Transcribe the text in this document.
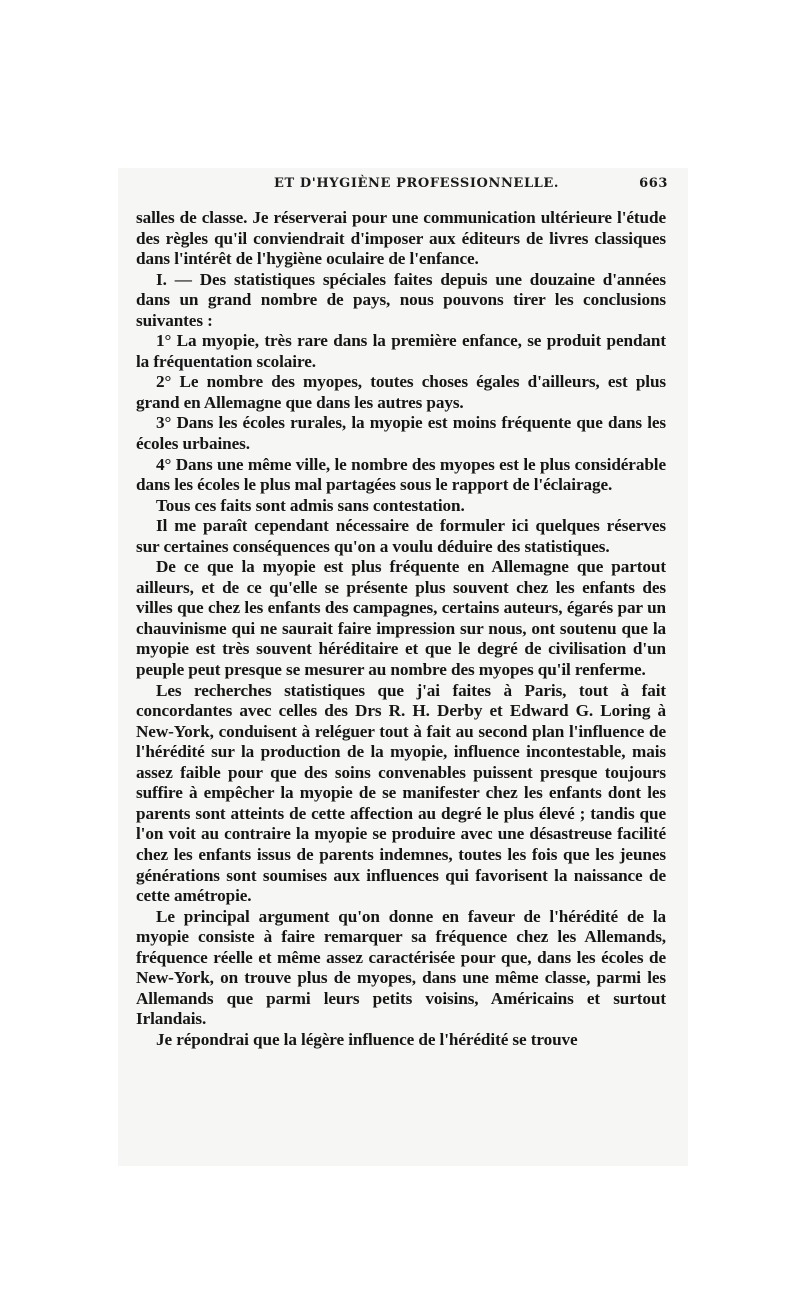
ET D'HYGIÈNE PROFESSIONNELLE.	663

salles de classe. Je réserverai pour une communication ultérieure l'étude des règles qu'il conviendrait d'imposer aux éditeurs de livres classiques dans l'intérêt de l'hygiène oculaire de l'enfance.

I. — Des statistiques spéciales faites depuis une douzaine d'années dans un grand nombre de pays, nous pouvons tirer les conclusions suivantes :

1° La myopie, très rare dans la première enfance, se produit pendant la fréquentation scolaire.

2° Le nombre des myopes, toutes choses égales d'ailleurs, est plus grand en Allemagne que dans les autres pays.

3° Dans les écoles rurales, la myopie est moins fréquente que dans les écoles urbaines.

4° Dans une même ville, le nombre des myopes est le plus considérable dans les écoles le plus mal partagées sous le rapport de l'éclairage.

Tous ces faits sont admis sans contestation.

Il me paraît cependant nécessaire de formuler ici quelques réserves sur certaines conséquences qu'on a voulu déduire des statistiques.

De ce que la myopie est plus fréquente en Allemagne que partout ailleurs, et de ce qu'elle se présente plus souvent chez les enfants des villes que chez les enfants des campagnes, certains auteurs, égarés par un chauvinisme qui ne saurait faire impression sur nous, ont soutenu que la myopie est très souvent héréditaire et que le degré de civilisation d'un peuple peut presque se mesurer au nombre des myopes qu'il renferme.

Les recherches statistiques que j'ai faites à Paris, tout à fait concordantes avec celles des Drs R. H. Derby et Edward G. Loring à New-York, conduisent à reléguer tout à fait au second plan l'influence de l'hérédité sur la production de la myopie, influence incontestable, mais assez faible pour que des soins convenables puissent presque toujours suffire à empêcher la myopie de se manifester chez les enfants dont les parents sont atteints de cette affection au degré le plus élevé ; tandis que l'on voit au contraire la myopie se produire avec une désastreuse facilité chez les enfants issus de parents indemnes, toutes les fois que les jeunes générations sont soumises aux influences qui favorisent la naissance de cette amétropie.

Le principal argument qu'on donne en faveur de l'hérédité de la myopie consiste à faire remarquer sa fréquence chez les Allemands, fréquence réelle et même assez caractérisée pour que, dans les écoles de New-York, on trouve plus de myopes, dans une même classe, parmi les Allemands que parmi leurs petits voisins, Américains et surtout Irlandais.

Je répondrai que la légère influence de l'hérédité se trouve
